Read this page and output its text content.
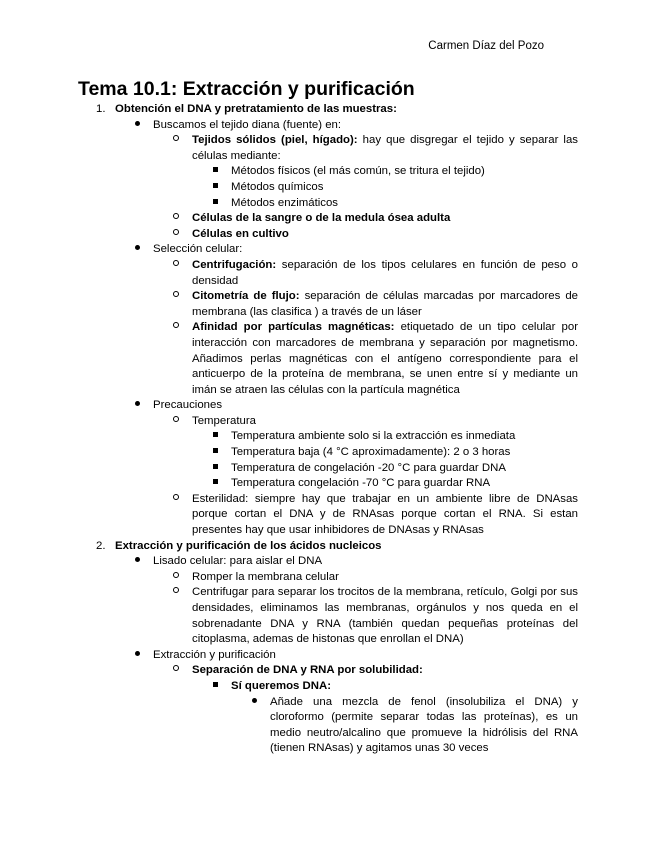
Carmen Díaz del Pozo
Tema 10.1: Extracción y purificación
1. Obtención el DNA y pretratamiento de las muestras:
Buscamos el tejido diana (fuente) en:
Tejidos sólidos (piel, hígado): hay que disgregar el tejido y separar las células mediante:
Métodos físicos (el más común, se tritura el tejido)
Métodos químicos
Métodos enzimáticos
Células de la sangre o de la medula ósea adulta
Células en cultivo
Selección celular:
Centrifugación: separación de los tipos celulares en función de peso o densidad
Citometría de flujo: separación de células marcadas por marcadores de membrana (las clasifica ) a través de un láser
Afinidad por partículas magnéticas: etiquetado de un tipo celular por interacción con marcadores de membrana y separación por magnetismo. Añadimos perlas magnéticas con el antígeno correspondiente para el anticuerpo de la proteína de membrana, se unen entre sí y mediante un imán se atraen las células con la partícula magnética
Precauciones
Temperatura
Temperatura ambiente solo si la extracción es inmediata
Temperatura baja (4 °C aproximadamente): 2 o 3 horas
Temperatura de congelación -20 °C para guardar DNA
Temperatura congelación -70 °C para guardar RNA
Esterilidad: siempre hay que trabajar en un ambiente libre de DNAsas porque cortan el DNA y de RNAsas porque cortan el RNA. Si estan presentes hay que usar inhibidores de DNAsas y RNAsas
2. Extracción y purificación de los ácidos nucleicos
Lisado celular: para aislar el DNA
Romper la membrana celular
Centrifugar para separar los trocitos de la membrana, retículo, Golgi por sus densidades, eliminamos las membranas, orgánulos y nos queda en el sobrenadante DNA y RNA (también quedan pequeñas proteínas del citoplasma, ademas de histonas que enrollan el DNA)
Extracción y purificación
Separación de DNA y RNA por solubilidad:
Sí queremos DNA:
Añade una mezcla de fenol (insolubiliza el DNA) y cloroformo (permite separar todas las proteínas), es un medio neutro/alcalino que promueve la hidrólisis del RNA (tienen RNAsas) y agitamos unas 30 veces
